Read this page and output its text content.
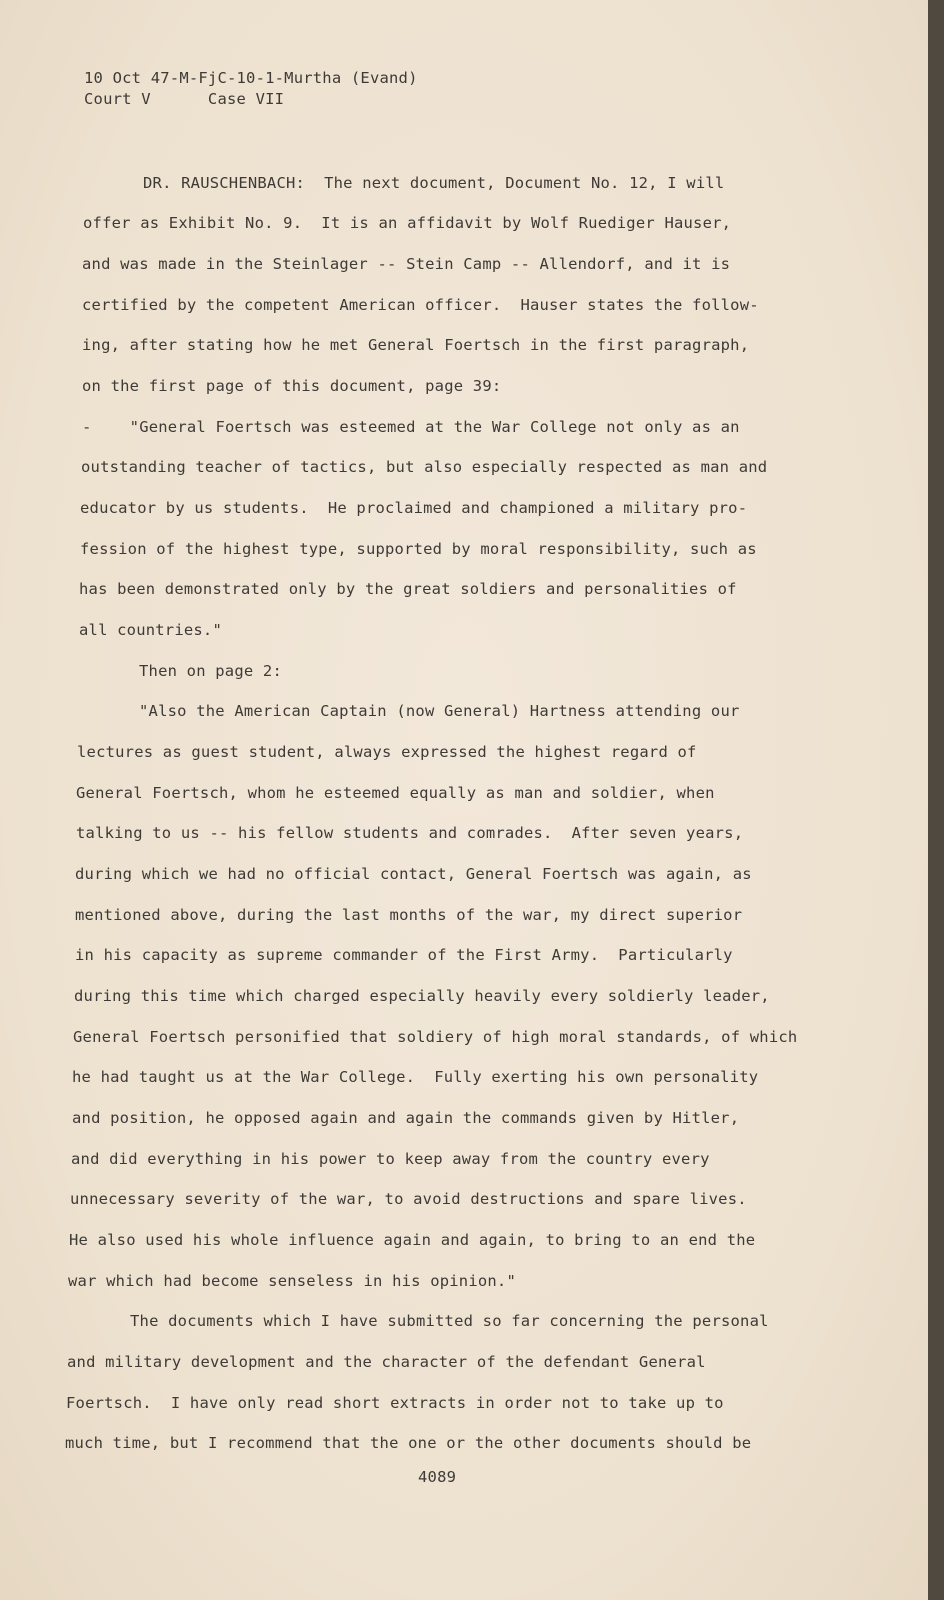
10 Oct 47-M-FjC-10-1-Murtha (Evand)
Court V      Case VII
DR. RAUSCHENBACH:  The next document, Document No. 12, I will
offer as Exhibit No. 9.  It is an affidavit by Wolf Ruediger Hauser,
and was made in the Steinlager -- Stein Camp -- Allendorf, and it is
certified by the competent American officer.  Hauser states the follow-
ing, after stating how he met General Foertsch in the first paragraph,
on the first page of this document, page 39:
-    "General Foertsch was esteemed at the War College not only as an
outstanding teacher of tactics, but also especially respected as man and
educator by us students.  He proclaimed and championed a military pro-
fession of the highest type, supported by moral responsibility, such as
has been demonstrated only by the great soldiers and personalities of
all countries."
Then on page 2:
"Also the American Captain (now General) Hartness attending our
lectures as guest student, always expressed the highest regard of
General Foertsch, whom he esteemed equally as man and soldier, when
talking to us -- his fellow students and comrades.  After seven years,
during which we had no official contact, General Foertsch was again, as
mentioned above, during the last months of the war, my direct superior
in his capacity as supreme commander of the First Army.  Particularly
during this time which charged especially heavily every soldierly leader,
General Foertsch personified that soldiery of high moral standards, of which
he had taught us at the War College.  Fully exerting his own personality
and position, he opposed again and again the commands given by Hitler,
and did everything in his power to keep away from the country every
unnecessary severity of the war, to avoid destructions and spare lives.
He also used his whole influence again and again, to bring to an end the
war which had become senseless in his opinion."
The documents which I have submitted so far concerning the personal
and military development and the character of the defendant General
Foertsch.  I have only read short extracts in order not to take up to
much time, but I recommend that the one or the other documents should be
4089
